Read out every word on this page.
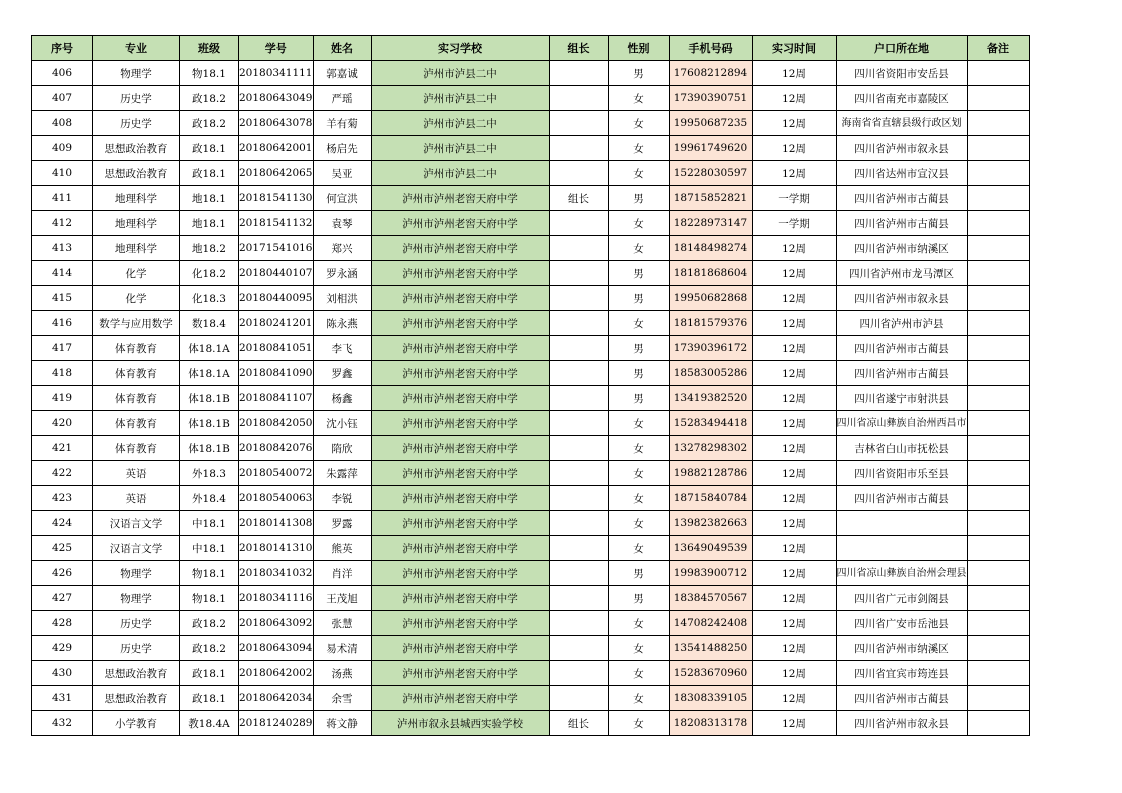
序号	专业	班级	学号	姓名	实习学校	组长	性别	手机号码	实习时间	户口所在地	备注
406	物理学	物18.1	20180341111	郭嘉诚	泸州市泸县二中		男	17608212894	12周	四川省资阳市安岳县	
407	历史学	政18.2	20180643049	严瑶	泸州市泸县二中		女	17390390751	12周	四川省南充市嘉陵区	
408	历史学	政18.2	20180643078	羊有菊	泸州市泸县二中		女	19950687235	12周	海南省省直辖县级行政区划	
409	思想政治教育	政18.1	20180642001	杨启先	泸州市泸县二中		女	19961749620	12周	四川省泸州市叙永县	
410	思想政治教育	政18.1	20180642065	吴亚	泸州市泸县二中		女	15228030597	12周	四川省达州市宣汉县	
411	地理科学	地18.1	20181541130	何宣洪	泸州市泸州老窖天府中学	组长	男	18715852821	一学期	四川省泸州市古蔺县	
412	地理科学	地18.1	20181541132	袁琴	泸州市泸州老窖天府中学		女	18228973147	一学期	四川省泸州市古蔺县	
413	地理科学	地18.2	20171541016	郑兴	泸州市泸州老窖天府中学		女	18148498274	12周	四川省泸州市纳溪区	
414	化学	化18.2	20180440107	罗永涵	泸州市泸州老窖天府中学		男	18181868604	12周	四川省泸州市龙马潭区	
415	化学	化18.3	20180440095	刘相洪	泸州市泸州老窖天府中学		男	19950682868	12周	四川省泸州市叙永县	
416	数学与应用数学	数18.4	20180241201	陈永燕	泸州市泸州老窖天府中学		女	18181579376	12周	四川省泸州市泸县	
417	体育教育	体18.1A	20180841051	李飞	泸州市泸州老窖天府中学		男	17390396172	12周	四川省泸州市古蔺县	
418	体育教育	体18.1A	20180841090	罗鑫	泸州市泸州老窖天府中学		男	18583005286	12周	四川省泸州市古蔺县	
419	体育教育	体18.1B	20180841107	杨鑫	泸州市泸州老窖天府中学		男	13419382520	12周	四川省遂宁市射洪县	
420	体育教育	体18.1B	20180842050	沈小钰	泸州市泸州老窖天府中学		女	15283494418	12周	四川省凉山彝族自治州西昌市	
421	体育教育	体18.1B	20180842076	隋欣	泸州市泸州老窖天府中学		女	13278298302	12周	吉林省白山市抚松县	
422	英语	外18.3	20180540072	朱露萍	泸州市泸州老窖天府中学		女	19882128786	12周	四川省资阳市乐至县	
423	英语	外18.4	20180540063	李锐	泸州市泸州老窖天府中学		女	18715840784	12周	四川省泸州市古蔺县	
424	汉语言文学	中18.1	20180141308	罗露	泸州市泸州老窖天府中学		女	13982382663	12周		
425	汉语言文学	中18.1	20180141310	熊英	泸州市泸州老窖天府中学		女	13649049539	12周		
426	物理学	物18.1	20180341032	肖洋	泸州市泸州老窖天府中学		男	19983900712	12周	四川省凉山彝族自治州会理县	
427	物理学	物18.1	20180341116	王茂旭	泸州市泸州老窖天府中学		男	18384570567	12周	四川省广元市剑阁县	
428	历史学	政18.2	20180643092	张慧	泸州市泸州老窖天府中学		女	14708242408	12周	四川省广安市岳池县	
429	历史学	政18.2	20180643094	易术清	泸州市泸州老窖天府中学		女	13541488250	12周	四川省泸州市纳溪区	
430	思想政治教育	政18.1	20180642002	汤燕	泸州市泸州老窖天府中学		女	15283670960	12周	四川省宜宾市筠连县	
431	思想政治教育	政18.1	20180642034	余雪	泸州市泸州老窖天府中学		女	18308339105	12周	四川省泸州市古蔺县	
432	小学教育	教18.4A	20181240289	蒋文静	泸州市叙永县城西实验学校	组长	女	18208313178	12周	四川省泸州市叙永县	
